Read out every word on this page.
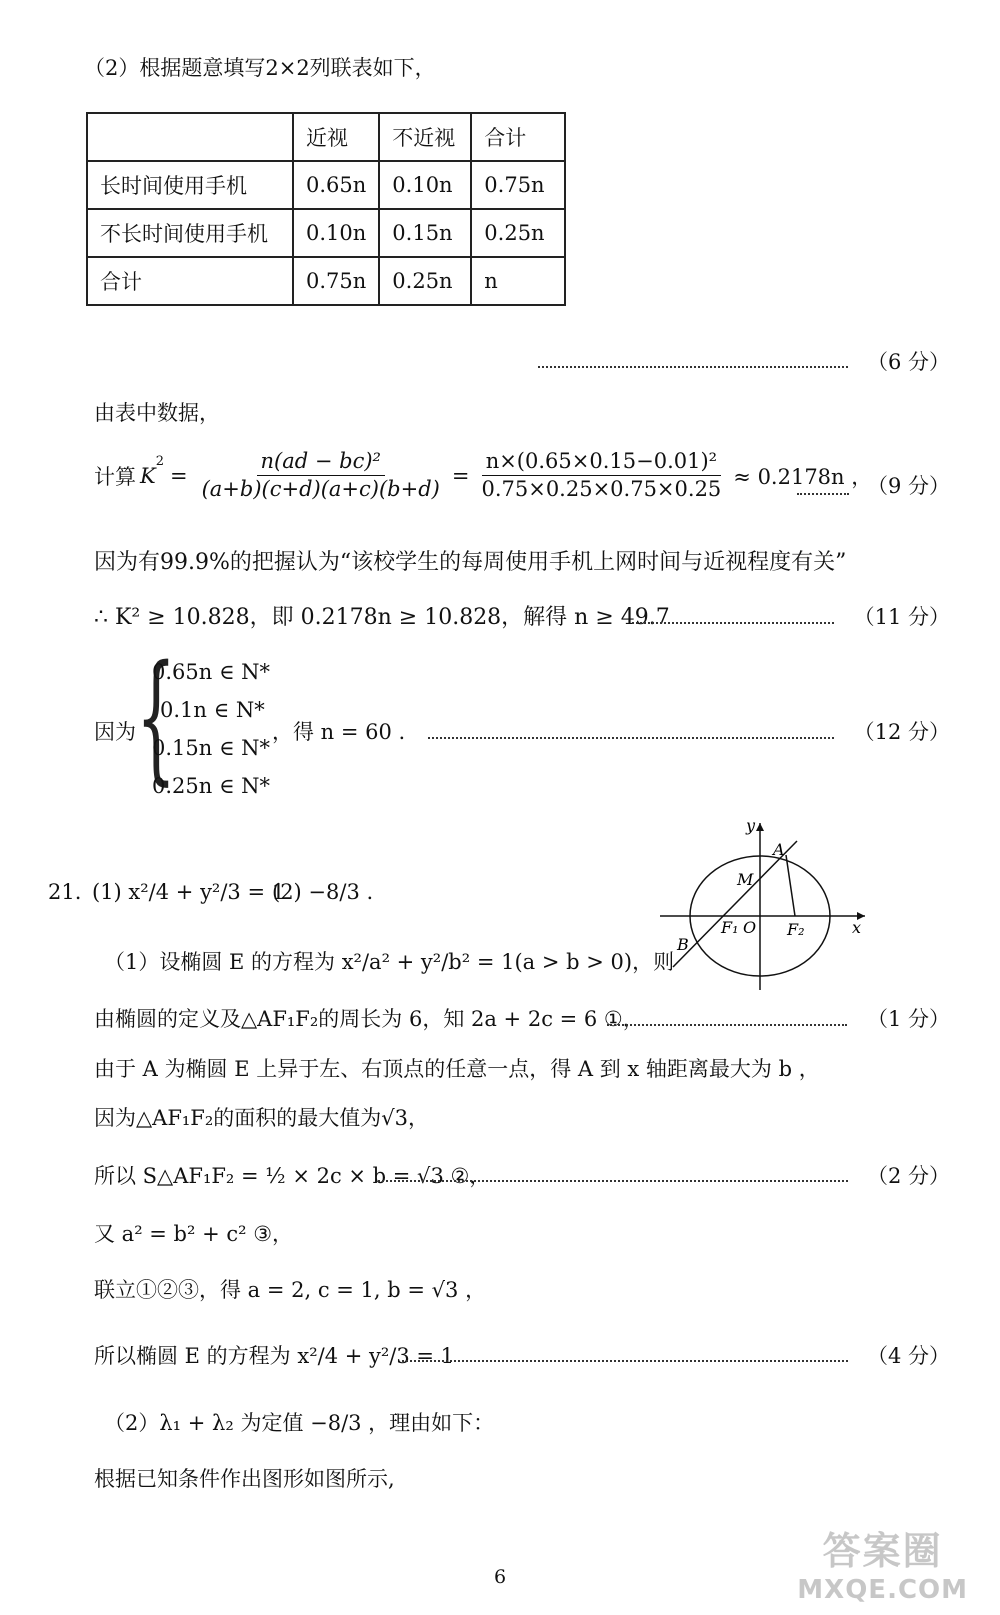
（2）根据题意填写2×2列联表如下，
	近视	不近视	合计
长时间使用手机	0.65n	0.10n	0.75n
不长时间使用手机	0.10n	0.15n	0.25n
合计	0.75n	0.25n	n
（6 分）
由表中数据，
计算 K
$^2$
= $\frac{\text{n(ad − bc)²}}{(a+b)(c+d)(a+c)(b+d)} = \frac{\text{n×(0.65×0.15−0.01)²}}{0.75\times 0.25\times 0.75\times 0.25} \approx 0.2178n$ ，
（9 分）
因为有99.9%的把握认为“该校学生的每周使用手机上网时间与近视程度有关”
∴ K² ≥ 10.828，即 0.2178n ≥ 10.828，解得 n ≥ 49.7	（11 分）
因为 {
0.65n ∈ N*
0.1n ∈ N*
0.15n ∈ N*
0.25n ∈ N*
，得 n = 60 .	（12 分）
21. (1) x²/4 + y²/3 = 1
(2) −8/3 .
y
x
A
M
B
F₁ O F₂
（1）设椭圆 E 的方程为 x²/a² + y²/b² = 1(a > b > 0)，则
由椭圆的定义及△AF₁F₂的周长为 6，知 2a + 2c = 6 ①，	（1 分）
由于 A 为椭圆 E 上异于左、右顶点的任意一点，得 A 到 x 轴距离最大为 b ，
因为△AF₁F₂的面积的最大值为√3，
所以 S△AF₁F₂ = ½ × 2c × b = √3 ②，	（2 分）
又 a² = b² + c² ③，
联立①②③，得 a = 2, c = 1, b = √3 ，
所以椭圆 E 的方程为 x²/4 + y²/3 = 1	（4 分）
（2）λ₁ + λ₂ 为定值 −8/3 ，理由如下：
根据已知条件作出图形如图所示,
6
答案圈
MXQE.COM
